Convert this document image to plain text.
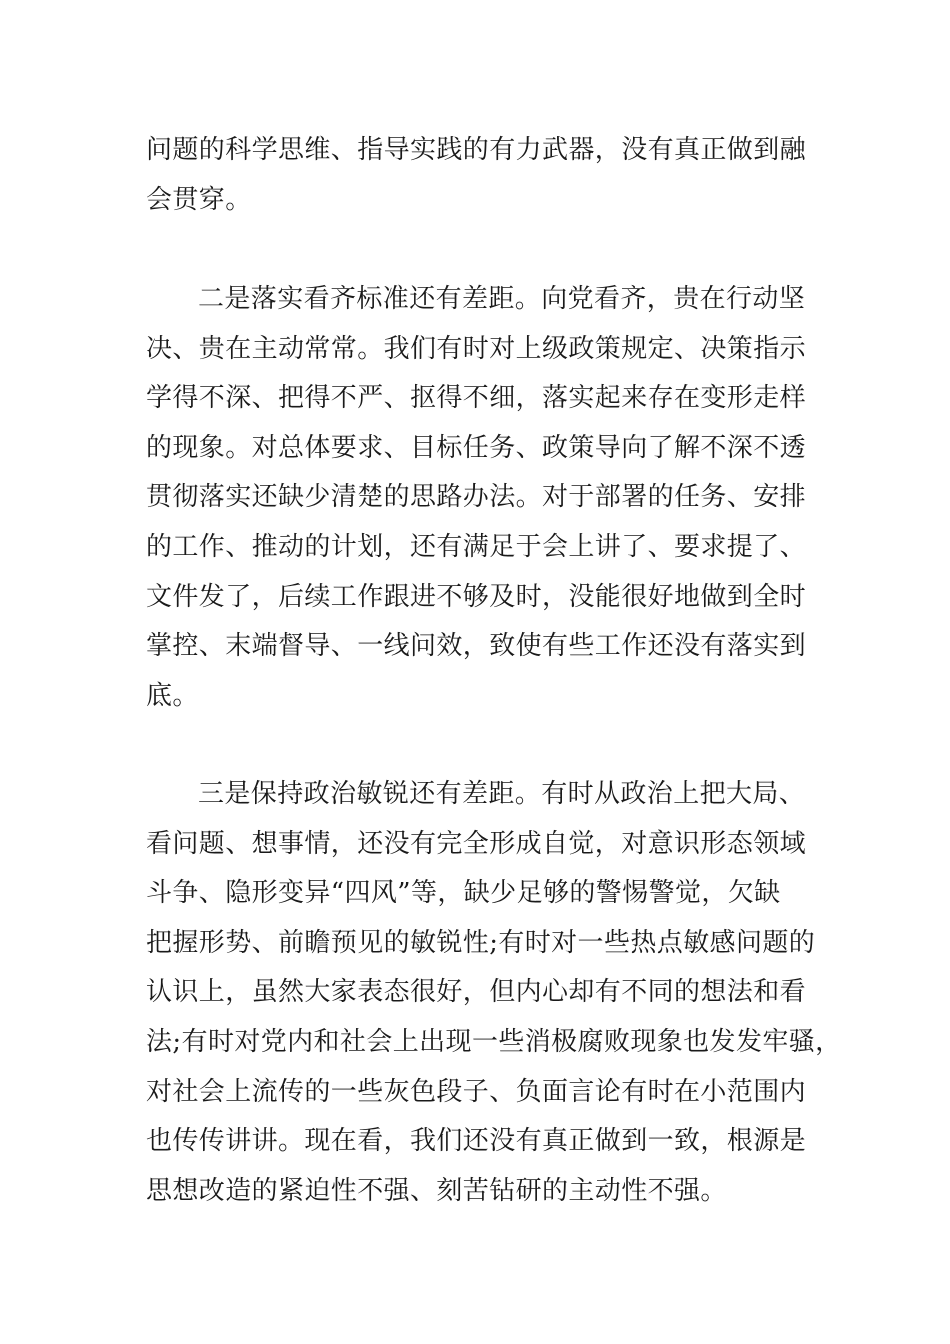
问题的科学思维、指导实践的有力武器，没有真正做到融
会贯穿。
二是落实看齐标准还有差距。向党看齐，贵在行动坚
决、贵在主动常常。我们有时对上级政策规定、决策指示
学得不深、把得不严、抠得不细，落实起来存在变形走样
的现象。对总体要求、目标任务、政策导向了解不深不透
贯彻落实还缺少清楚的思路办法。对于部署的任务、安排
的工作、推动的计划，还有满足于会上讲了、要求提了、
文件发了，后续工作跟进不够及时，没能很好地做到全时
掌控、末端督导、一线问效，致使有些工作还没有落实到
底。
三是保持政治敏锐还有差距。有时从政治上把大局、
看问题、想事情，还没有完全形成自觉，对意识形态领域
斗争、隐形变异“四风”等，缺少足够的警惕警觉，欠缺
把握形势、前瞻预见的敏锐性;有时对一些热点敏感问题的
认识上，虽然大家表态很好，但内心却有不同的想法和看
法;有时对党内和社会上出现一些消极腐败现象也发发牢骚，
对社会上流传的一些灰色段子、负面言论有时在小范围内
也传传讲讲。现在看，我们还没有真正做到一致，根源是
思想改造的紧迫性不强、刻苦钻研的主动性不强。
